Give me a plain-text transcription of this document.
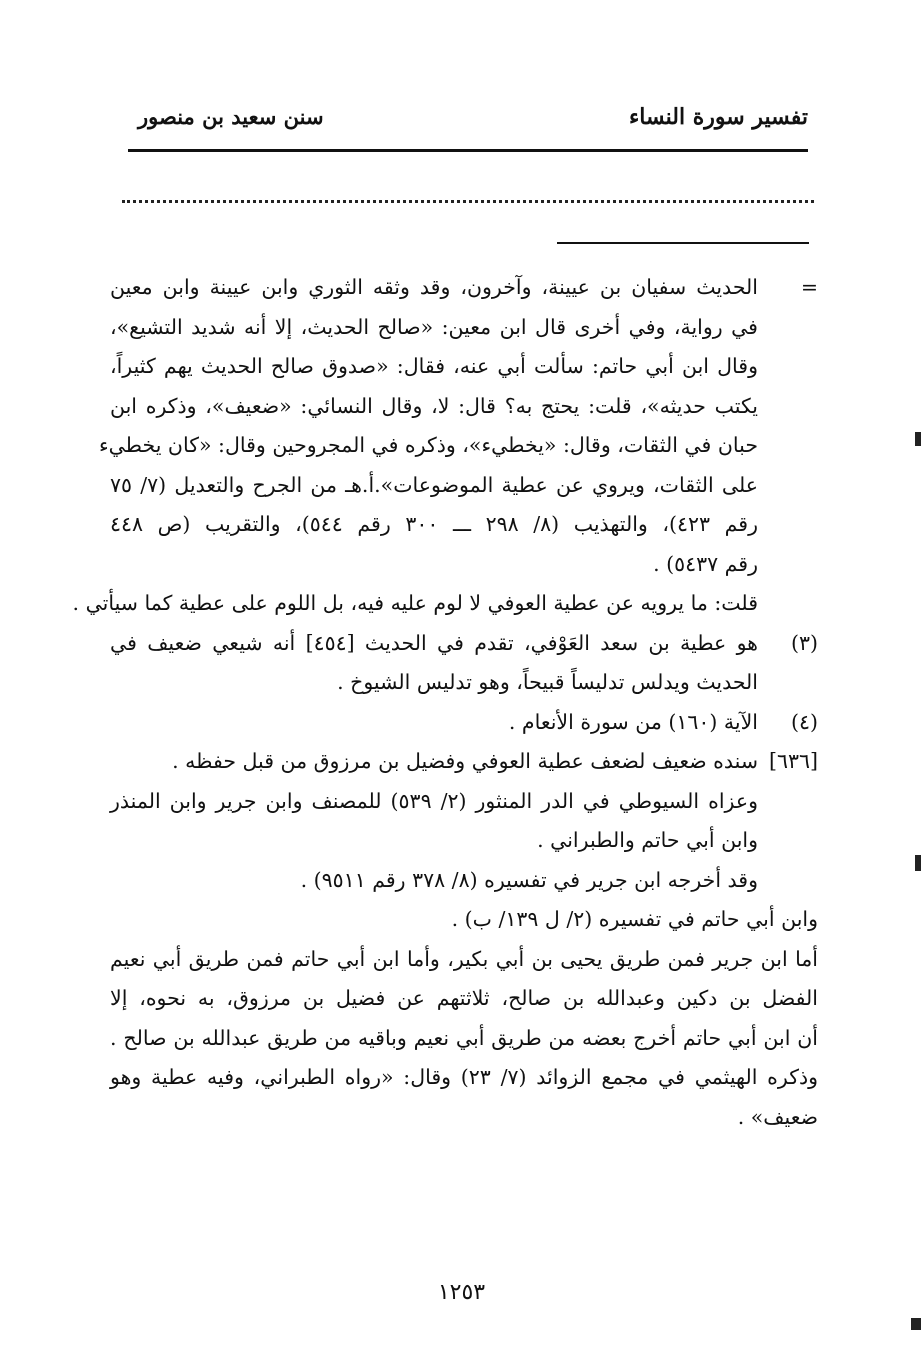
تفسير سورة النساء
سنن سعيد بن منصور
=
الحديث سفيان بن عيينة، وآخرون، وقد وثقه الثوري وابن عيينة وابن معين
في رواية، وفي أخرى قال ابن معين: «صالح الحديث، إلا أنه شديد التشيع»،
وقال ابن أبي حاتم: سألت أبي عنه، فقال: «صدوق صالح الحديث يهم كثيراً،
يكتب حديثه»، قلت: يحتج به؟ قال: لا، وقال النسائي: «ضعيف»، وذكره ابن
حبان في الثقات، وقال: «يخطيء»، وذكره في المجروحين وقال: «كان يخطيء
على الثقات، ويروي عن عطية الموضوعات».أ.هـ من الجرح والتعديل (٧/ ٧٥
رقم ٤٢٣)، والتهذيب (٨/ ٢٩٨ ـــ ٣٠٠ رقم ٥٤٤)، والتقريب (ص ٤٤٨
رقم ٥٤٣٧) .
قلت: ما يرويه عن عطية العوفي لا لوم عليه فيه، بل اللوم على عطية كما سيأتي .
(٣)
هو عطية بن سعد العَوْفي، تقدم في الحديث [٤٥٤] أنه شيعي ضعيف في
الحديث ويدلس تدليساً قبيحاً، وهو تدليس الشيوخ .
(٤)
الآية (١٦٠) من سورة الأنعام .
[٦٣٦]
سنده ضعيف لضعف عطية العوفي وفضيل بن مرزوق من قبل حفظه .
وعزاه السيوطي في الدر المنثور (٢/ ٥٣٩) للمصنف وابن جرير وابن المنذر
وابن أبي حاتم والطبراني .
وقد أخرجه ابن جرير في تفسيره (٨/ ٣٧٨ رقم ٩٥١١) .
وابن أبي حاتم في تفسيره (٢/ ل ١٣٩/ ب) .
أما ابن جرير فمن طريق يحيى بن أبي بكير، وأما ابن أبي حاتم فمن طريق أبي نعيم
الفضل بن دكين وعبدالله بن صالح، ثلاثتهم عن فضيل بن مرزوق، به نحوه، إلا
أن ابن أبي حاتم أخرج بعضه من طريق أبي نعيم وباقيه من طريق عبدالله بن صالح .
وذكره الهيثمي في مجمع الزوائد (٧/ ٢٣) وقال: «رواه الطبراني، وفيه عطية وهو
ضعيف» .
١٢٥٣
